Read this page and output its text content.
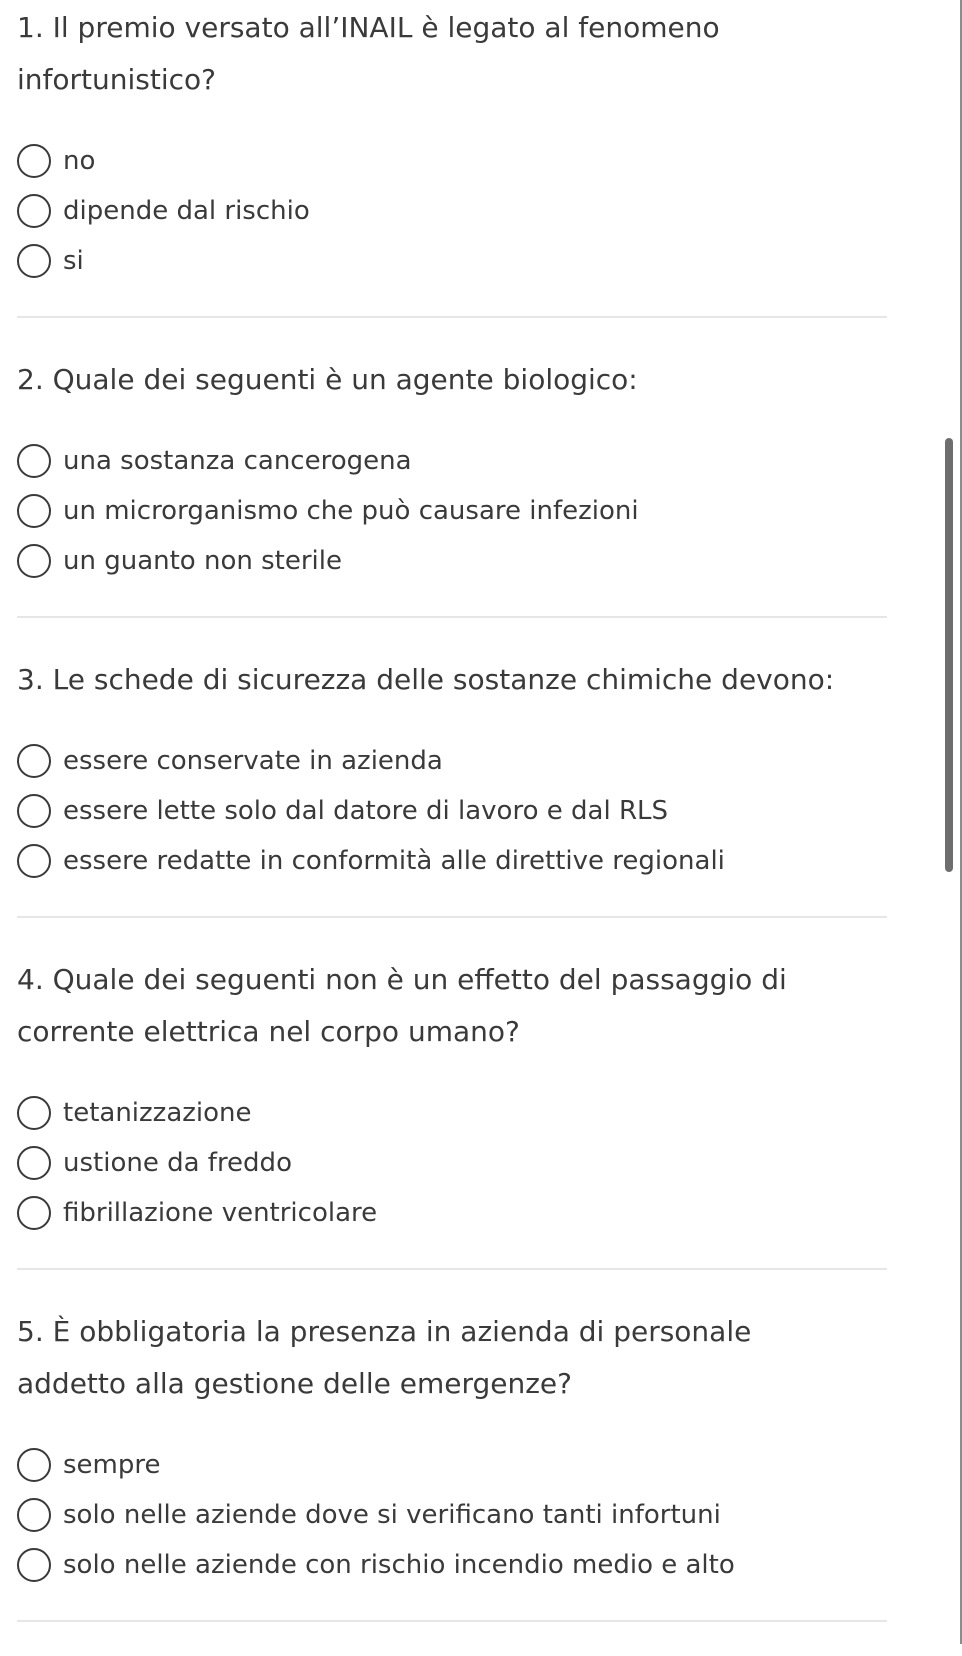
1. Il premio versato all’INAIL è legato al fenomeno
infortunistico?

no
dipende dal rischio
si

2. Quale dei seguenti è un agente biologico:

una sostanza cancerogena
un microrganismo che può causare infezioni
un guanto non sterile

3. Le schede di sicurezza delle sostanze chimiche devono:

essere conservate in azienda
essere lette solo dal datore di lavoro e dal RLS
essere redatte in conformità alle direttive regionali

4. Quale dei seguenti non è un effetto del passaggio di
corrente elettrica nel corpo umano?

tetanizzazione
ustione da freddo
fibrillazione ventricolare

5. È obbligatoria la presenza in azienda di personale
addetto alla gestione delle emergenze?

sempre
solo nelle aziende dove si verificano tanti infortuni
solo nelle aziende con rischio incendio medio e alto
